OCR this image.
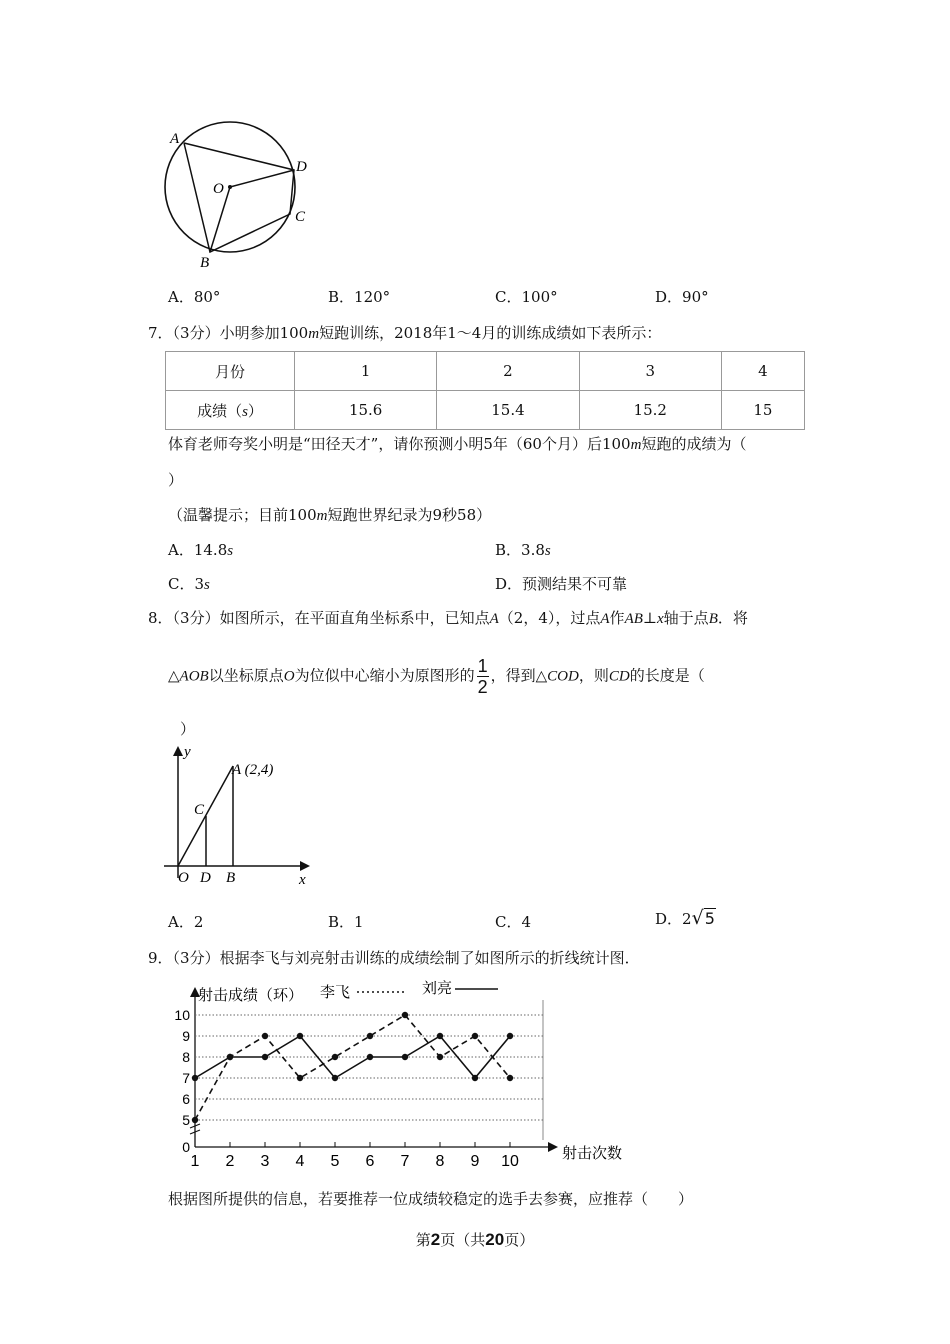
A
D
O
C
B
A．80°	B．120°	C．100°	D．90°
7．（3分）小明参加100m短跑训练，2018年1～4月的训练成绩如下表所示：
月份	1	2	3	4
成绩（s）	15.6	15.4	15.2	15
体育老师夸奖小明是“田径天才”，请你预测小明5年（60个月）后100m短跑的成绩为（
）
（温馨提示；目前100m短跑世界纪录为9秒58）
A．14.8s	B．3.8s
C．3s	D．预测结果不可靠
8．（3分）如图所示，在平面直角坐标系中，已知点A（2，4），过点A作AB⊥x轴于点B．将
△AOB以坐标原点O为位似中心缩小为原图形的 $\frac{1}{2}$ ，得到△COD，则CD的长度是（
）
y
A (2,4)
C
O D B	x
A．2	B．1	C．4	D．2√5
9．（3分）根据李飞与刘亮射击训练的成绩绘制了如图所示的折线统计图．
0
5
6
7
8
9
10
1 2 3 4 5 6 7 8 9 10
射击成绩（环）
射击次数
李飞	刘亮
根据图所提供的信息，若要推荐一位成绩较稳定的选手去参赛，应推荐（　　）
第2页（共20页）
